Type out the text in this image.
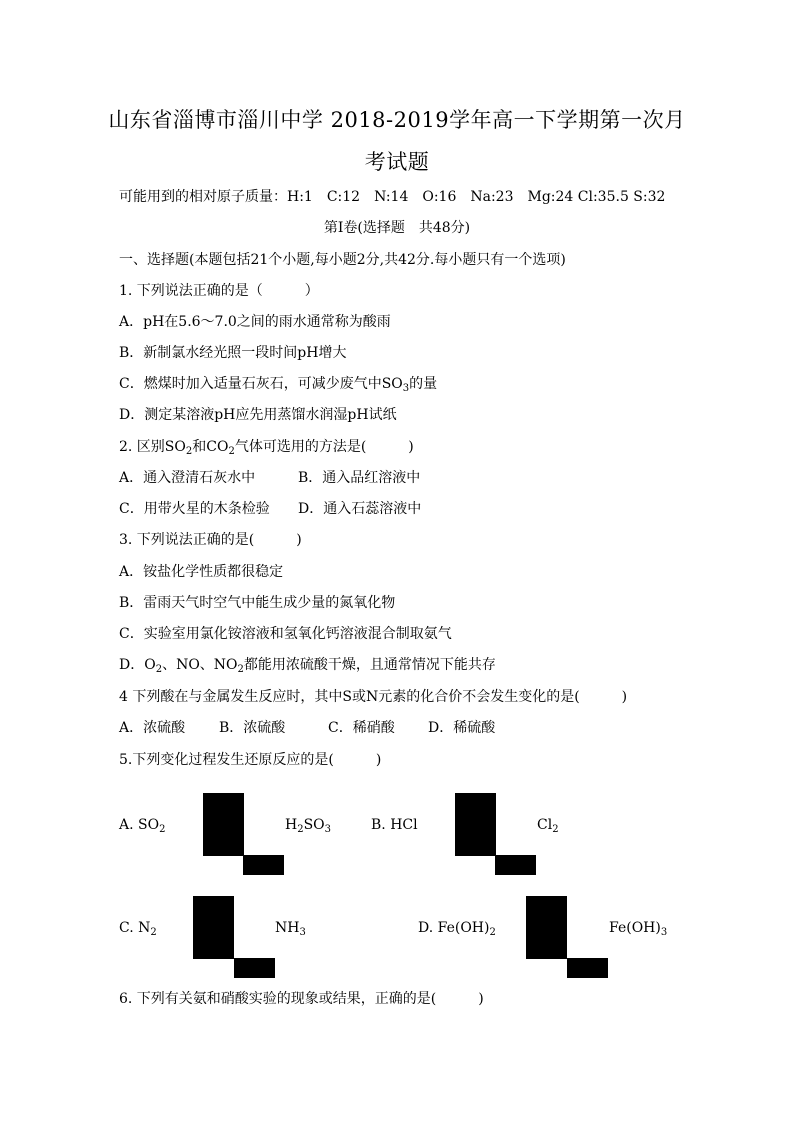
山东省淄博市淄川中学 2018-2019学年高一下学期第一次月
考试题
可能用到的相对原子质量：H:1　C:12　N:14　O:16　Na:23　Mg:24 Cl:35.5 S:32
第Ⅰ卷(选择题　共48分)
一、选择题(本题包括21个小题,每小题2分,共42分.每小题只有一个选项)
1. 下列说法正确的是（　　　）
A．pH在5.6～7.0之间的雨水通常称为酸雨
B．新制氯水经光照一段时间pH增大
C．燃煤时加入适量石灰石，可减少废气中$SO_3$的量
D．测定某溶液pH应先用蒸馏水润湿pH试纸
2. 区别$SO_2$和$CO_2$气体可选用的方法是(　　　)
A．通入澄清石灰水中	B．通入品红溶液中
C．用带火星的木条检验 D．通入石蕊溶液中
3. 下列说法正确的是(　　　)
A．铵盐化学性质都很稳定
B．雷雨天气时空气中能生成少量的氮氧化物
C．实验室用氯化铵溶液和氢氧化钙溶液混合制取氨气
D．$O_2$、NO、$NO_2$都能用浓硫酸干燥，且通常情况下能共存
4 下列酸在与金属发生反应时，其中S或N元素的化合价不会发生变化的是(　　　)
A．浓硫酸 B．浓硫酸	C．稀硝酸 D．稀硫酸
5.下列变化过程发生还原反应的是(　　　)
A. $SO_2$	$H_2SO_3$	B. HCl	$Cl_2$
C. $N_2$	$NH_3$	D. $Fe(OH)_2$	$Fe(OH)_3$
6. 下列有关氨和硝酸实验的现象或结果，正确的是(　　　)
